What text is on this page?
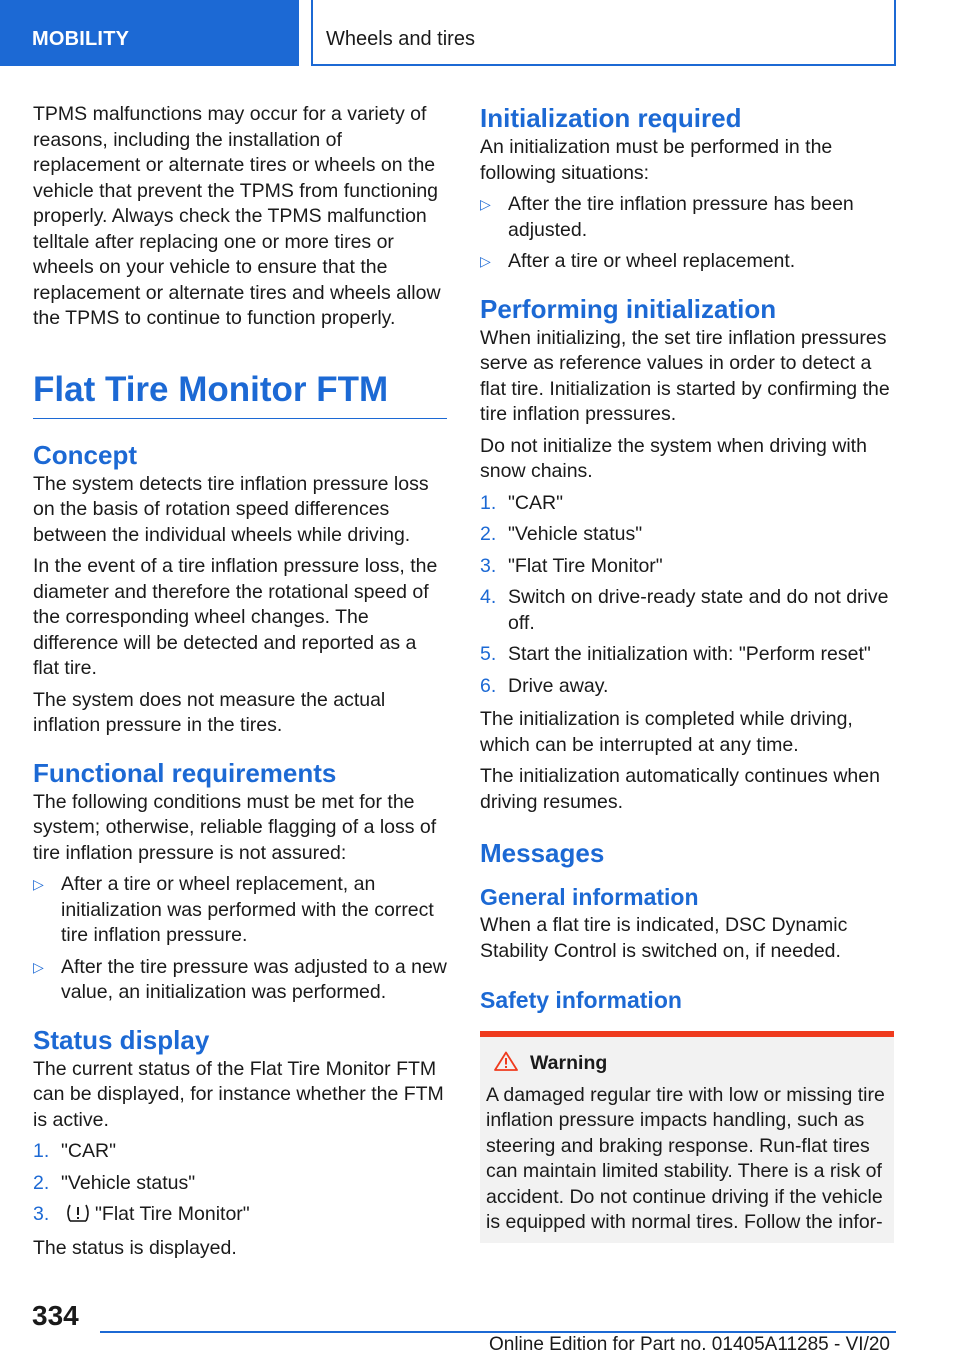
MOBILITY	Wheels and tires

TPMS malfunctions may occur for a variety of reasons, including the installation of replacement or alternate tires or wheels on the vehicle that prevent the TPMS from functioning properly. Always check the TPMS malfunction telltale after replacing one or more tires or wheels on your vehicle to ensure that the replacement or alternate tires and wheels allow the TPMS to continue to function properly.

Flat Tire Monitor FTM
Concept

The system detects tire inflation pressure loss on the basis of rotation speed differences between the individual wheels while driving.

In the event of a tire inflation pressure loss, the diameter and therefore the rotational speed of the corresponding wheel changes. The difference will be detected and reported as a flat tire.

The system does not measure the actual inflation pressure in the tires.

Functional requirements

The following conditions must be met for the system; otherwise, reliable flagging of a loss of tire inflation pressure is not assured:

▷ After a tire or wheel replacement, an initialization was performed with the correct tire inflation pressure.
▷ After the tire pressure was adjusted to a new value, an initialization was performed.
Status display

The current status of the Flat Tire Monitor FTM can be displayed, for instance whether the FTM is active.

1. "CAR"
2. "Vehicle status"
3. "Flat Tire Monitor"

The status is displayed.

Initialization required

An initialization must be performed in the following situations:

▷ After the tire inflation pressure has been adjusted.
▷ After a tire or wheel replacement.
Performing initialization

When initializing, the set tire inflation pressures serve as reference values in order to detect a flat tire. Initialization is started by confirming the tire inflation pressures.

Do not initialize the system when driving with snow chains.

1. "CAR"
2. "Vehicle status"
3. "Flat Tire Monitor"
4. Switch on drive-ready state and do not drive off.
5. Start the initialization with: "Perform reset"
6. Drive away.

The initialization is completed while driving, which can be interrupted at any time.

The initialization automatically continues when driving resumes.

Messages
General information

When a flat tire is indicated, DSC Dynamic Stability Control is switched on, if needed.

Safety information
Warning

A damaged regular tire with low or missing tire inflation pressure impacts handling, such as steering and braking response. Run-flat tires can maintain limited stability. There is a risk of accident. Do not continue driving if the vehicle is equipped with normal tires. Follow the infor-

334
Online Edition for Part no. 01405A11285 - VI/20
